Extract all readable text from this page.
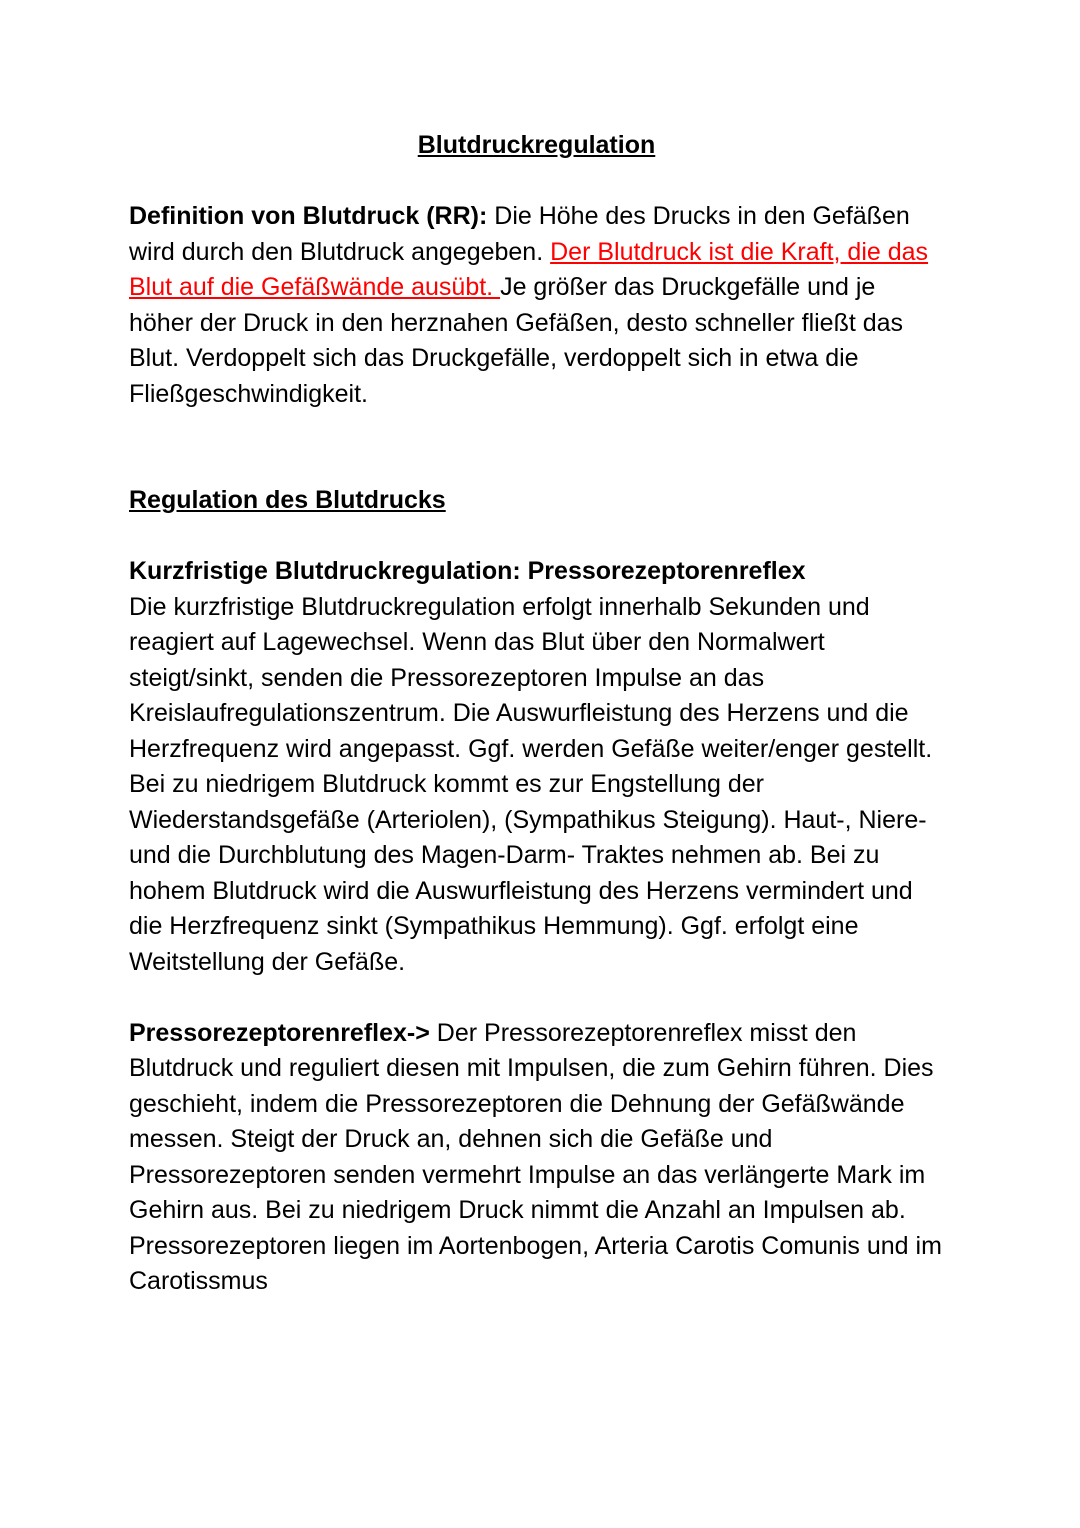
Blutdruckregulation

Definition von Blutdruck (RR): Die Höhe des Drucks in den Gefäßen wird durch den Blutdruck angegeben. Der Blutdruck ist die Kraft, die das Blut auf die Gefäßwände ausübt. Je größer das Druckgefälle und je höher der Druck in den herznahen Gefäßen, desto schneller fließt das Blut. Verdoppelt sich das Druckgefälle, verdoppelt sich in etwa die Fließgeschwindigkeit.

Regulation des Blutdrucks

Kurzfristige Blutdruckregulation: Pressorezeptorenreflex

Die kurzfristige Blutdruckregulation erfolgt innerhalb Sekunden und reagiert auf Lagewechsel. Wenn das Blut über den Normalwert steigt/sinkt, senden die Pressorezeptoren Impulse an das Kreislaufregulationszentrum. Die Auswurfleistung des Herzens und die Herzfrequenz wird angepasst. Ggf. werden Gefäße weiter/enger gestellt. Bei zu niedrigem Blutdruck kommt es zur Engstellung der Wiederstandsgefäße (Arteriolen), (Sympathikus Steigung). Haut-, Niere- und die Durchblutung des Magen-Darm- Traktes nehmen ab. Bei zu hohem Blutdruck wird die Auswurfleistung des Herzens vermindert und die Herzfrequenz sinkt (Sympathikus Hemmung). Ggf. erfolgt eine Weitstellung der Gefäße.

Pressorezeptorenreflex-> Der Pressorezeptorenreflex misst den Blutdruck und reguliert diesen mit Impulsen, die zum Gehirn führen. Dies geschieht, indem die Pressorezeptoren die Dehnung der Gefäßwände messen. Steigt der Druck an, dehnen sich die Gefäße und Pressorezeptoren senden vermehrt Impulse an das verlängerte Mark im Gehirn aus. Bei zu niedrigem Druck nimmt die Anzahl an Impulsen ab.

Pressorezeptoren liegen im Aortenbogen, Arteria Carotis Comunis und im Carotissmus
